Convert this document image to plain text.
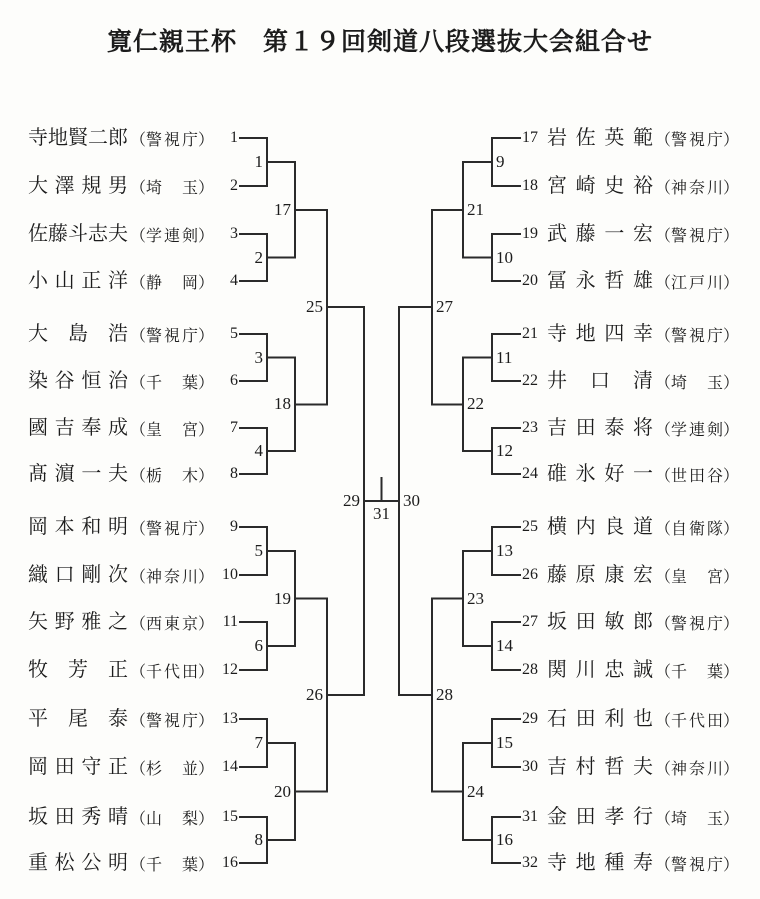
寛仁親王杯　第１９回剣道八段選抜大会組合せ
寺 地 賢 二 郎 （ 警 視 庁 ） 1
大 澤 規 男 （ 埼 玉 ） 2
佐 藤 斗 志 夫 （ 学 連 剣 ） 3
小 山 正 洋 （ 静 岡 ） 4
大 島 浩 （ 警 視 庁 ） 5
染 谷 恒 治 （ 千 葉 ） 6
國 吉 奉 成 （ 皇 宮 ） 7
髙 濵 一 夫 （ 栃 木 ） 8
岡 本 和 明 （ 警 視 庁 ） 9
織 口 剛 次 （ 神 奈 川 ） 10
矢 野 雅 之 （ 西 東 京 ） 11
牧 芳 正 （ 千 代 田 ） 12
平 尾 泰 （ 警 視 庁 ） 13
岡 田 守 正 （ 杉 並 ） 14
坂 田 秀 晴 （ 山 梨 ） 15
重 松 公 明 （ 千 葉 ） 16
17 岩 佐 英 範 （ 警 視 庁 ）
18 宮 崎 史 裕 （ 神 奈 川 ）
19 武 藤 一 宏 （ 警 視 庁 ）
20 冨 永 哲 雄 （ 江 戸 川 ）
21 寺 地 四 幸 （ 警 視 庁 ）
22 井 口 清 （ 埼 玉 ）
23 吉 田 泰 将 （ 学 連 剣 ）
24 碓 氷 好 一 （ 世 田 谷 ）
25 横 内 良 道 （ 自 衛 隊 ）
26 藤 原 康 宏 （ 皇 宮 ）
27 坂 田 敏 郎 （ 警 視 庁 ）
28 関 川 忠 誠 （ 千 葉 ）
29 石 田 利 也 （ 千 代 田 ）
30 吉 村 哲 夫 （ 神 奈 川 ）
31 金 田 孝 行 （ 埼 玉 ）
32 寺 地 種 寿 （ 警 視 庁 ）
1	9
2	10
3	11
4	12
5	13
6	14
7	15
8	16
17	21
18	22
19	23
20	24
25	27
26	28
29	30
31
